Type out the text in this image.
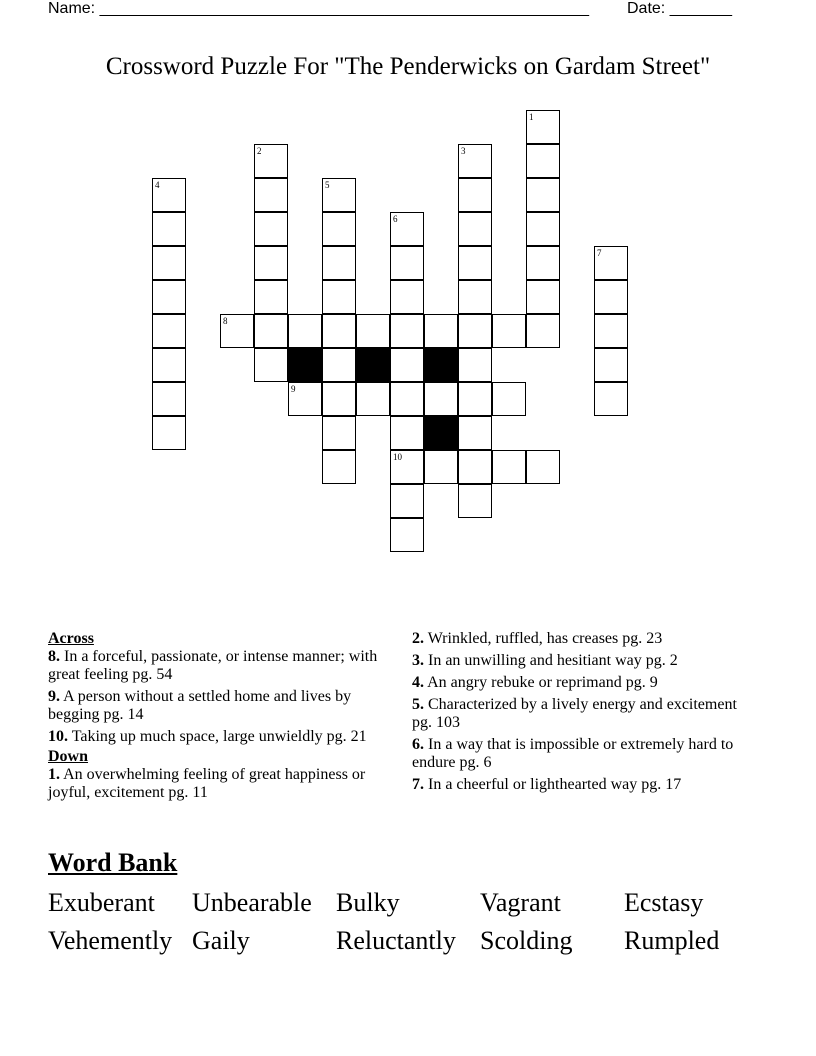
Name: _______________________________________________________ Date: _______
Crossword Puzzle For "The Penderwicks on Gardam Street"
1
2	3
4	5
6
7
8
9
10

Across

8. In a forceful, passionate, or intense manner; with great feeling pg. 54

9. A person without a settled home and lives by begging pg. 14

10. Taking up much space, large unwieldly pg. 21

Down

1. An overwhelming feeling of great happiness or joyful, excitement pg. 11

2. Wrinkled, ruffled, has creases pg. 23

3. In an unwilling and hesitiant way pg. 2

4. An angry rebuke or reprimand pg. 9

5. Characterized by a lively energy and excitement pg. 103

6. In a way that is impossible or extremely hard to endure pg. 6

7. In a cheerful or lighthearted way pg. 17

Word Bank
Exuberant	Unbearable Bulky	Vagrant	Ecstasy
Vehemently Gaily	Reluctantly Scolding	Rumpled
